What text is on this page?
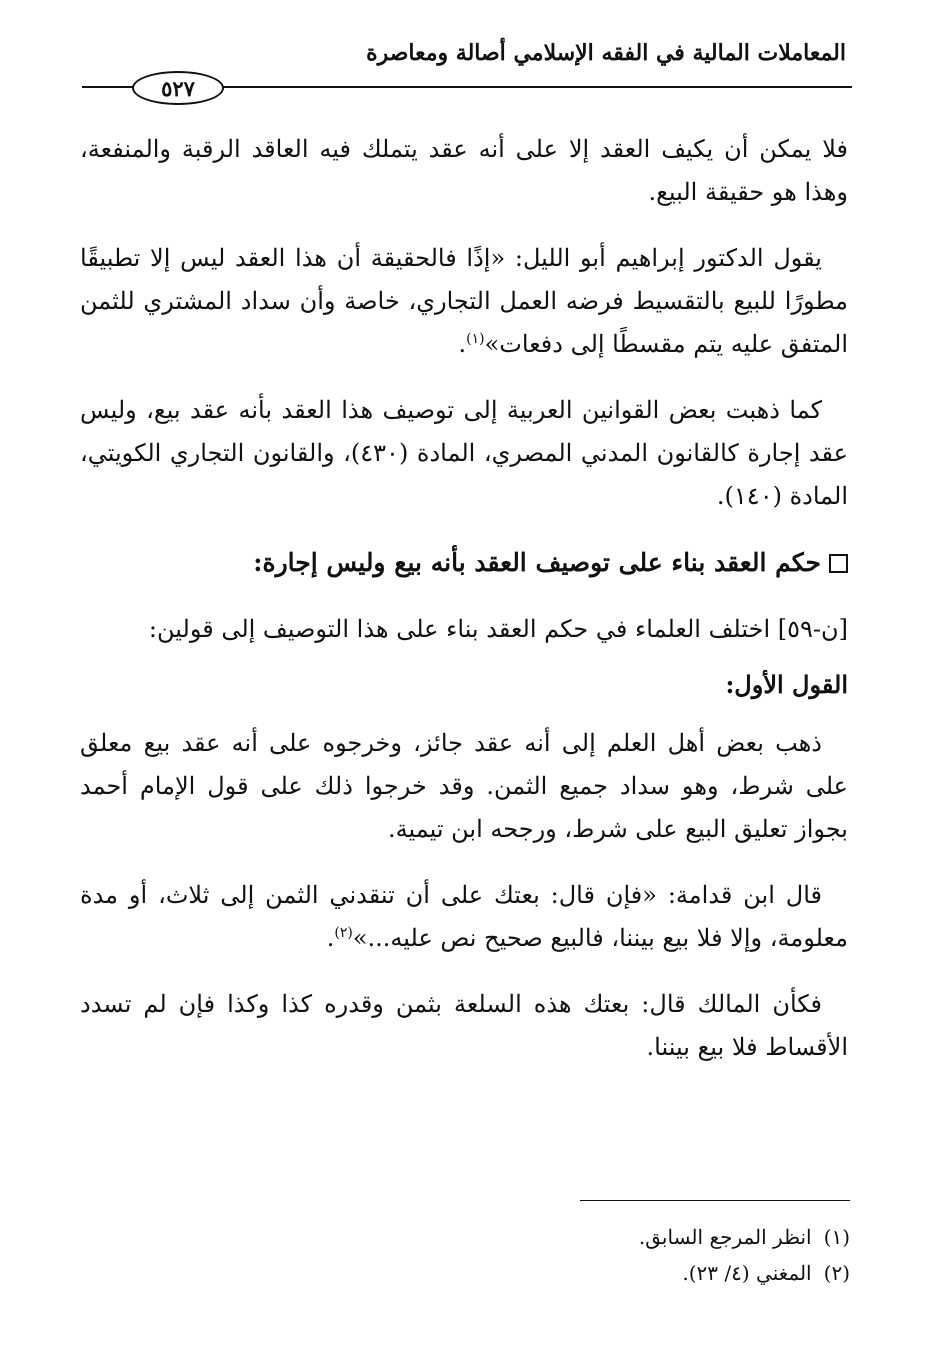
المعاملات المالية في الفقه الإسلامي أصالة ومعاصرة
٥٢٧

فلا يمكن أن يكيف العقد إلا على أنه عقد يتملك فيه العاقد الرقبة والمنفعة، وهذا هو حقيقة البيع.

يقول الدكتور إبراهيم أبو الليل: «إذًا فالحقيقة أن هذا العقد ليس إلا تطبيقًا مطورًا للبيع بالتقسيط فرضه العمل التجاري، خاصة وأن سداد المشتري للثمن المتفق عليه يتم مقسطًا إلى دفعات»$^{(١)}$.

كما ذهبت بعض القوانين العربية إلى توصيف هذا العقد بأنه عقد بيع، وليس عقد إجارة كالقانون المدني المصري، المادة (٤٣٠)، والقانون التجاري الكويتي، المادة (١٤٠).

حكم العقد بناء على توصيف العقد بأنه بيع وليس إجارة:

[ن-٥٩] اختلف العلماء في حكم العقد بناء على هذا التوصيف إلى قولين:

القول الأول:

ذهب بعض أهل العلم إلى أنه عقد جائز، وخرجوه على أنه عقد بيع معلق على شرط، وهو سداد جميع الثمن. وقد خرجوا ذلك على قول الإمام أحمد بجواز تعليق البيع على شرط، ورجحه ابن تيمية.

قال ابن قدامة: «فإن قال: بعتك على أن تنقدني الثمن إلى ثلاث، أو مدة معلومة، وإلا فلا بيع بيننا، فالبيع صحيح نص عليه...»$^{(٢)}$.

فكأن المالك قال: بعتك هذه السلعة بثمن وقدره كذا وكذا فإن لم تسدد الأقساط فلا بيع بيننا.

(١)انظر المرجع السابق.

(٢)المغني (٤/ ٢٣).
